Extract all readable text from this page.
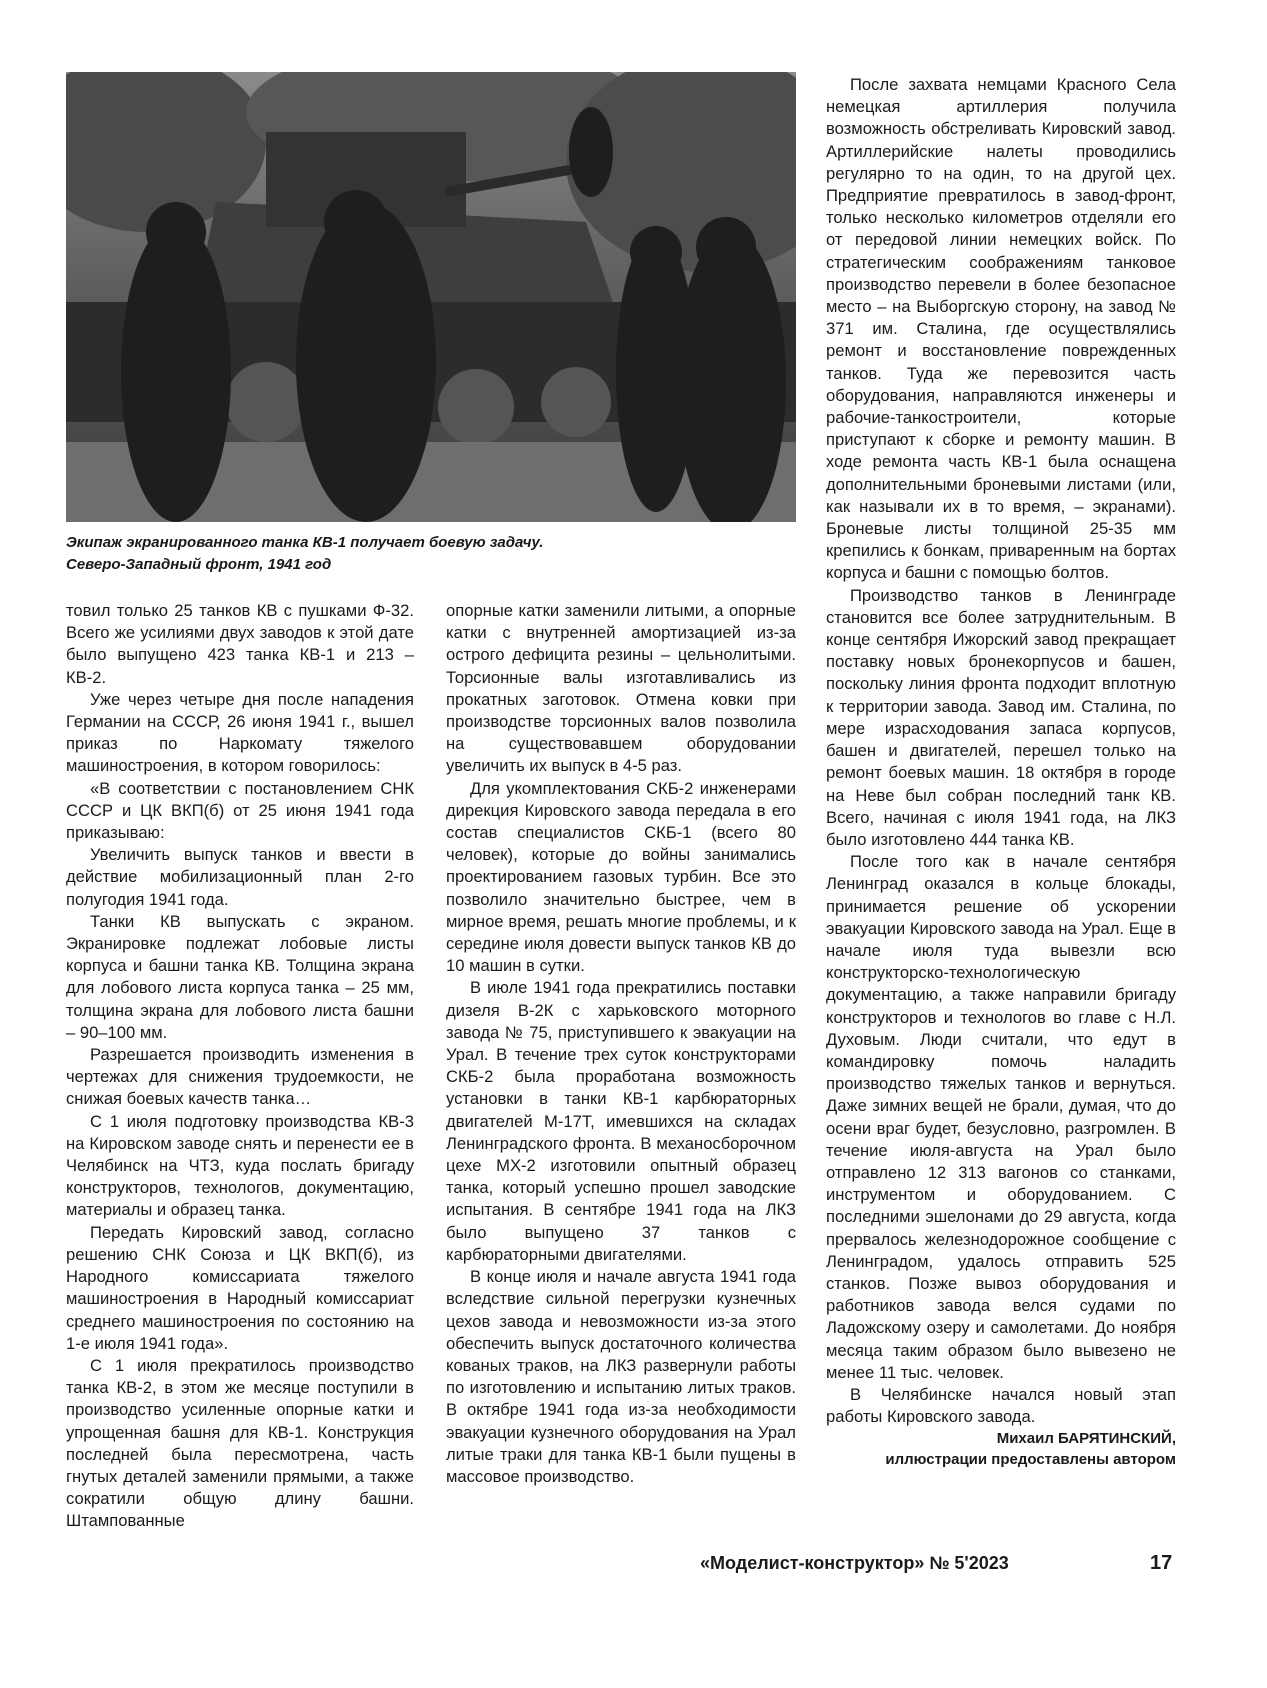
Экипаж экранированного танка КВ-1 получает боевую задачу.
Северо-Западный фронт, 1941 год

товил только 25 танков КВ с пушками Ф-32. Всего же усилиями двух заводов к этой дате было выпущено 423 танка КВ-1 и 213 – КВ-2.

Уже через четыре дня после нападения Германии на СССР, 26 июня 1941 г., вышел приказ по Наркомату тяжелого машиностроения, в котором говорилось:

«В соответствии с постановлением СНК СССР и ЦК ВКП(б) от 25 июня 1941 года приказываю:

Увеличить выпуск танков и ввести в действие мобилизационный план 2-го полугодия 1941 года.

Танки КВ выпускать с экраном. Экранировке подлежат лобовые листы корпуса и башни танка КВ. Толщина экрана для лобового листа корпуса танка – 25 мм, толщина экрана для лобового листа башни – 90–100 мм.

Разрешается производить изменения в чертежах для снижения трудоемкости, не снижая боевых качеств танка…

С 1 июля подготовку производства КВ-3 на Кировском заводе снять и перенести ее в Челябинск на ЧТЗ, куда послать бригаду конструкторов, технологов, документацию, материалы и образец танка.

Передать Кировский завод, согласно решению СНК Союза и ЦК ВКП(б), из Народного комиссариата тяжелого машиностроения в Народный комиссариат среднего машиностроения по состоянию на 1-е июля 1941 года».

С 1 июля прекратилось производство танка КВ-2, в этом же месяце поступили в производство усиленные опорные катки и упрощенная башня для КВ-1. Конструкция последней была пересмотрена, часть гнутых деталей заменили прямыми, а также сократили общую длину башни. Штампованные

опорные катки заменили литыми, а опорные катки с внутренней амортизацией из-за острого дефицита резины – цельнолитыми. Торсионные валы изготавливались из прокатных заготовок. Отмена ковки при производстве торсионных валов позволила на существовавшем оборудовании увеличить их выпуск в 4-5 раз.

Для укомплектования СКБ-2 инженерами дирекция Кировского завода передала в его состав специалистов СКБ-1 (всего 80 человек), которые до войны занимались проектированием газовых турбин. Все это позволило значительно быстрее, чем в мирное время, решать многие проблемы, и к середине июля довести выпуск танков КВ до 10 машин в сутки.

В июле 1941 года прекратились поставки дизеля В-2К с харьковского моторного завода № 75, приступившего к эвакуации на Урал. В течение трех суток конструкторами СКБ-2 была проработана возможность установки в танки КВ-1 карбюраторных двигателей М-17Т, имевшихся на складах Ленинградского фронта. В механосборочном цехе МХ-2 изготовили опытный образец танка, который успешно прошел заводские испытания. В сентябре 1941 года на ЛКЗ было выпущено 37 танков с карбюраторными двигателями.

В конце июля и начале августа 1941 года вследствие сильной перегрузки кузнечных цехов завода и невозможности из-за этого обеспечить выпуск достаточного количества кованых траков, на ЛКЗ развернули работы по изготовлению и испытанию литых траков. В октябре 1941 года из-за необходимости эвакуации кузнечного оборудования на Урал литые траки для танка КВ-1 были пущены в массовое производство.

После захвата немцами Красного Села немецкая артиллерия получила возможность обстреливать Кировский завод. Артиллерийские налеты проводились регулярно то на один, то на другой цех. Предприятие превратилось в завод-фронт, только несколько километров отделяли его от передовой линии немецких войск. По стратегическим соображениям танковое производство перевели в более безопасное место – на Выборгскую сторону, на завод № 371 им. Сталина, где осуществлялись ремонт и восстановление поврежденных танков. Туда же перевозится часть оборудования, направляются инженеры и рабочие-танкостроители, которые приступают к сборке и ремонту машин. В ходе ремонта часть КВ-1 была оснащена дополнительными броневыми листами (или, как называли их в то время, – экранами). Броневые листы толщиной 25-35 мм крепились к бонкам, приваренным на бортах корпуса и башни с помощью болтов.

Производство танков в Ленинграде становится все более затруднительным. В конце сентября Ижорский завод прекращает поставку новых бронекорпусов и башен, поскольку линия фронта подходит вплотную к территории завода. Завод им. Сталина, по мере израсходования запаса корпусов, башен и двигателей, перешел только на ремонт боевых машин. 18 октября в городе на Неве был собран последний танк КВ. Всего, начиная с июля 1941 года, на ЛКЗ было изготовлено 444 танка КВ.

После того как в начале сентября Ленинград оказался в кольце блокады, принимается решение об ускорении эвакуации Кировского завода на Урал. Еще в начале июля туда вывезли всю конструкторско-технологическую документацию, а также направили бригаду конструкторов и технологов во главе с Н.Л. Духовым. Люди считали, что едут в командировку помочь наладить производство тяжелых танков и вернуться. Даже зимних вещей не брали, думая, что до осени враг будет, безусловно, разгромлен. В течение июля-августа на Урал было отправлено 12 313 вагонов со станками, инструментом и оборудованием. С последними эшелонами до 29 августа, когда прервалось железнодорожное сообщение с Ленинградом, удалось отправить 525 станков. Позже вывоз оборудования и работников завода велся судами по Ладожскому озеру и самолетами. До ноября месяца таким образом было вывезено не менее 11 тыс. человек.

В Челябинске начался новый этап работы Кировского завода.

Михаил БАРЯТИНСКИЙ,
иллюстрации предоставлены автором
«Моделист-конструктор» № 5'2023	17
